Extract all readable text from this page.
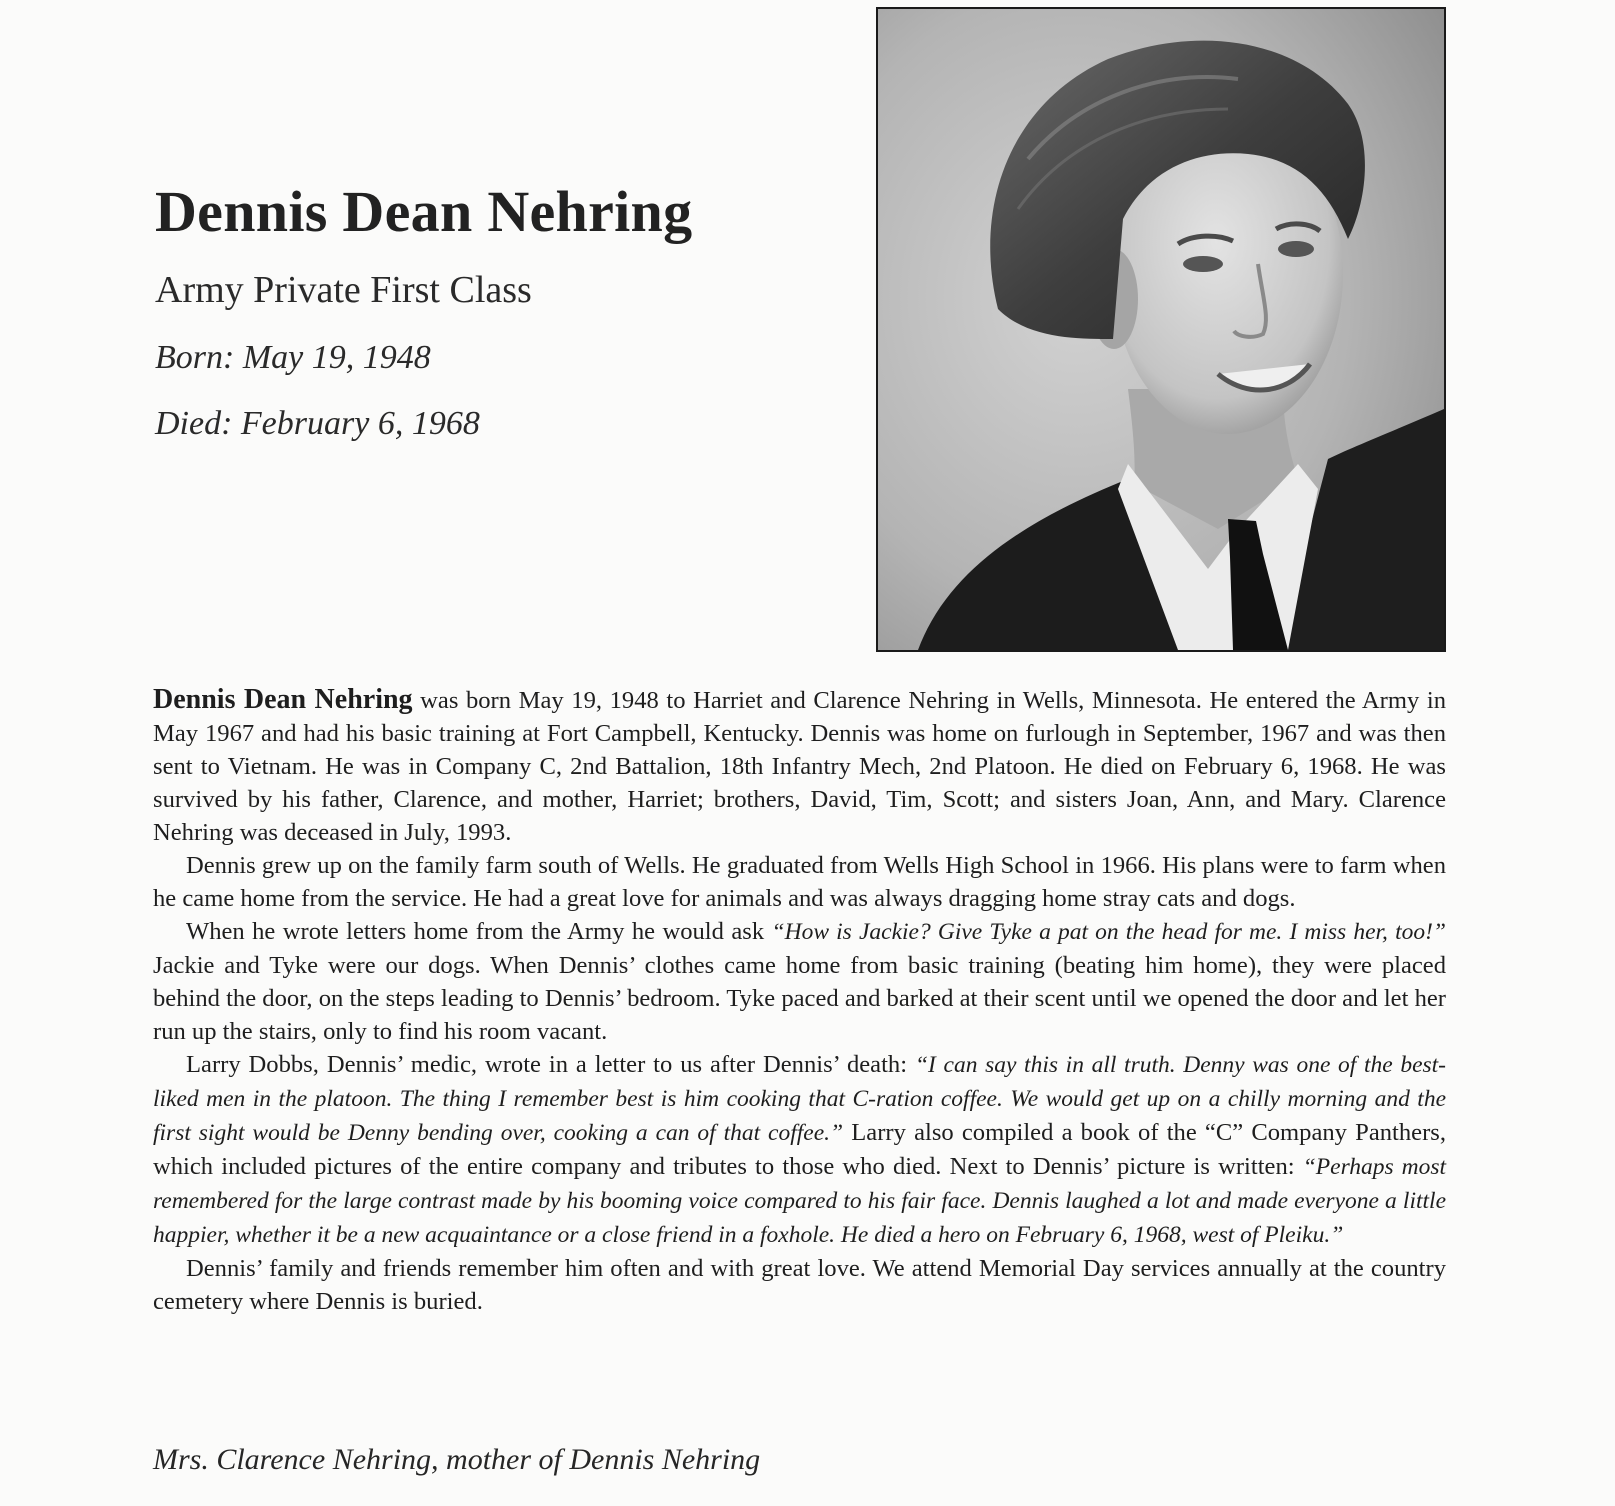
Dennis Dean Nehring
Army Private First Class
Born: May 19, 1948
Died: February 6, 1968

Dennis Dean Nehring was born May 19, 1948 to Harriet and Clarence Nehring in Wells, Minnesota. He entered the Army in May 1967 and had his basic training at Fort Campbell, Kentucky. Dennis was home on furlough in September, 1967 and was then sent to Vietnam. He was in Company C, 2nd Battalion, 18th Infantry Mech, 2nd Platoon. He died on February 6, 1968. He was survived by his father, Clarence, and mother, Harriet; brothers, David, Tim, Scott; and sisters Joan, Ann, and Mary. Clarence Nehring was deceased in July, 1993.

Dennis grew up on the family farm south of Wells. He graduated from Wells High School in 1966. His plans were to farm when he came home from the service. He had a great love for animals and was always dragging home stray cats and dogs.

When he wrote letters home from the Army he would ask “How is Jackie? Give Tyke a pat on the head for me. I miss her, too!” Jackie and Tyke were our dogs. When Dennis’ clothes came home from basic training (beating him home), they were placed behind the door, on the steps leading to Dennis’ bedroom. Tyke paced and barked at their scent until we opened the door and let her run up the stairs, only to find his room vacant.

Larry Dobbs, Dennis’ medic, wrote in a letter to us after Dennis’ death: “I can say this in all truth. Denny was one of the best-liked men in the platoon. The thing I remember best is him cooking that C-ration coffee. We would get up on a chilly morning and the first sight would be Denny bending over, cooking a can of that coffee.” Larry also compiled a book of the “C” Company Panthers, which included pictures of the entire company and tributes to those who died. Next to Dennis’ picture is written: “Perhaps most remembered for the large contrast made by his booming voice compared to his fair face. Dennis laughed a lot and made everyone a little happier, whether it be a new acquaintance or a close friend in a foxhole. He died a hero on February 6, 1968, west of Pleiku.”

Dennis’ family and friends remember him often and with great love. We attend Memorial Day services annually at the country cemetery where Dennis is buried.

Mrs. Clarence Nehring, mother of Dennis Nehring
